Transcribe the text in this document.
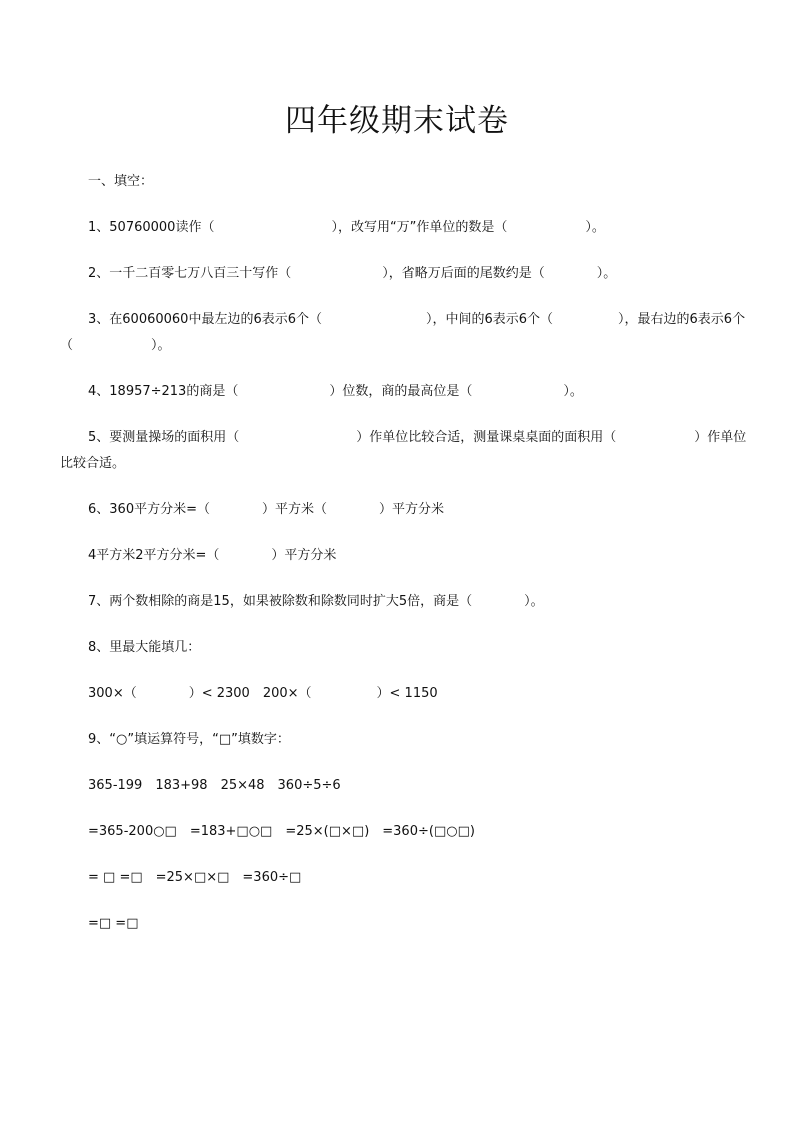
四年级期末试卷

一、填空：

1、50760000读作（　　　　　　　　　），改写用“万”作单位的数是（　　　　　　）。

2、一千二百零七万八百三十写作（　　　　　　　），省略万后面的尾数约是（　　　　）。

3、在60060060中最左边的6表示6个（　　　　　　　　），中间的6表示6个（　　　　　），最右边的6表示6个

（　　　　　　）。

4、18957÷213的商是（　　　　　　　）位数，商的最高位是（　　　　　　　）。

5、要测量操场的面积用（　　　　　　　　　）作单位比较合适，测量课桌桌面的面积用（　　　　　　）作单位

比较合适。

6、360平方分米=（　　　　）平方米（　　　　）平方分米

4平方米2平方分米=（　　　　）平方分米

7、两个数相除的商是15，如果被除数和除数同时扩大5倍，商是（　　　　）。

8、里最大能填几：

300×（　　　　）< 2300　200×（　　　　　）< 1150

9、“○”填运算符号，“□”填数字：

365-199　183+98　25×48　360÷5÷6

=365-200○□　=183+□○□　=25×(□×□)　=360÷(□○□)

= □ =□　=25×□×□　=360÷□

=□ =□
